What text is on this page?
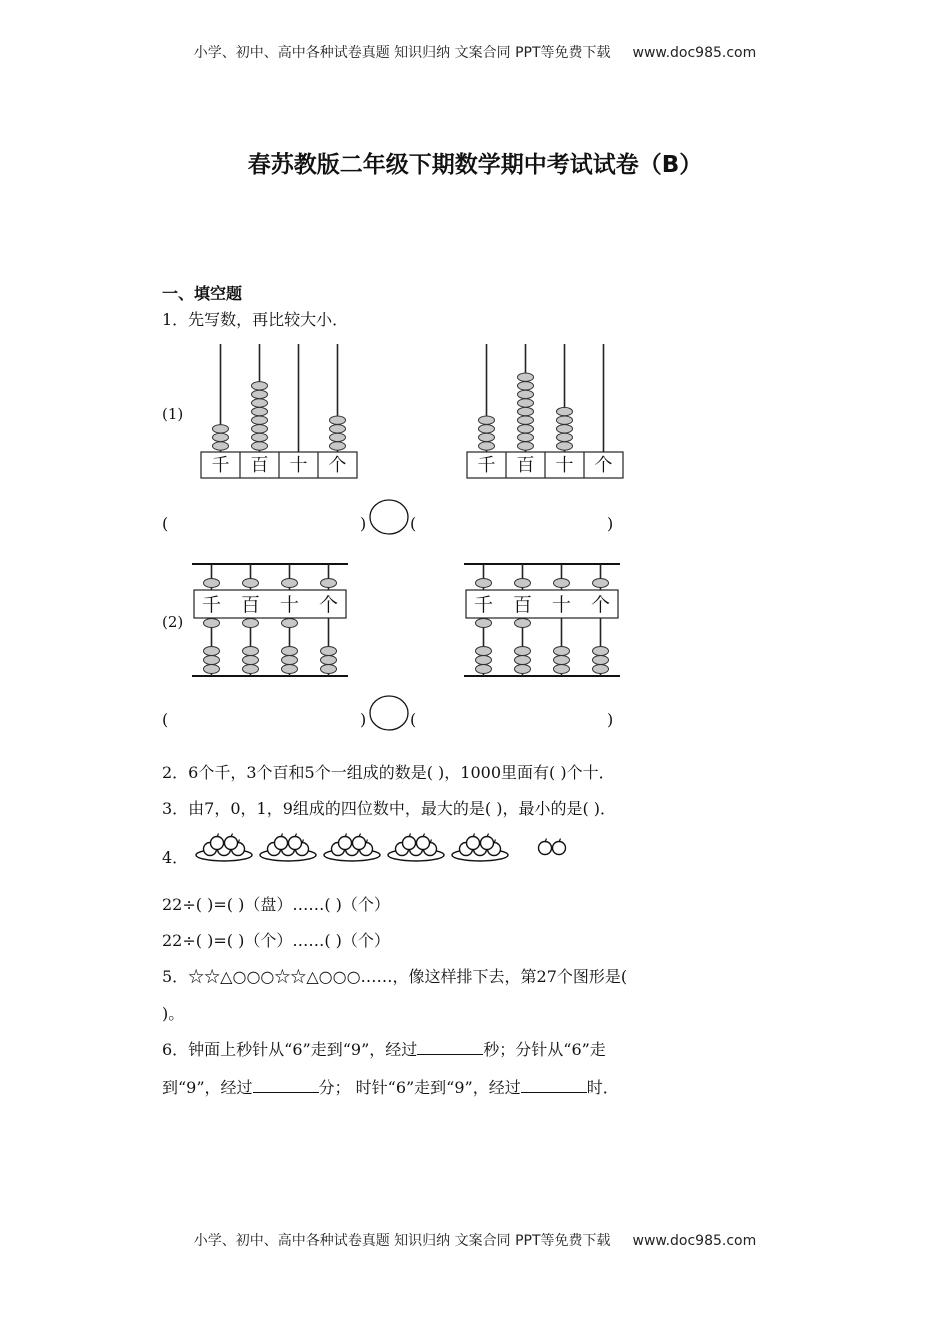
小学、初中、高中各种试卷真题 知识归纳 文案合同 PPT等免费下载 www.doc985.com
春苏教版二年级下期数学期中考试试卷（B）
一、填空题
1．先写数，再比较大小．
(1)
(2)
千 百 十 个	千 百 十 个
千 百 十 个	千 百 十 个
(	)	(	)
(	)	(	)
2．6个千，3个百和5个一组成的数是( )，1000里面有( )个十．
3．由7，0，1，9组成的四位数中，最大的是( )，最小的是( )．
4．
22÷( )=( )（盘）……( )（个）
22÷( )=( )（个）……( )（个）
5．☆☆△○○○☆☆△○○○……，像这样排下去，第27个图形是(
)。
6．钟面上秒针从“6”走到“9”，经过	秒；分针从“6”走
到“9”，经过	分； 时针“6”走到“9”，经过	时．
小学、初中、高中各种试卷真题 知识归纳 文案合同 PPT等免费下载 www.doc985.com
